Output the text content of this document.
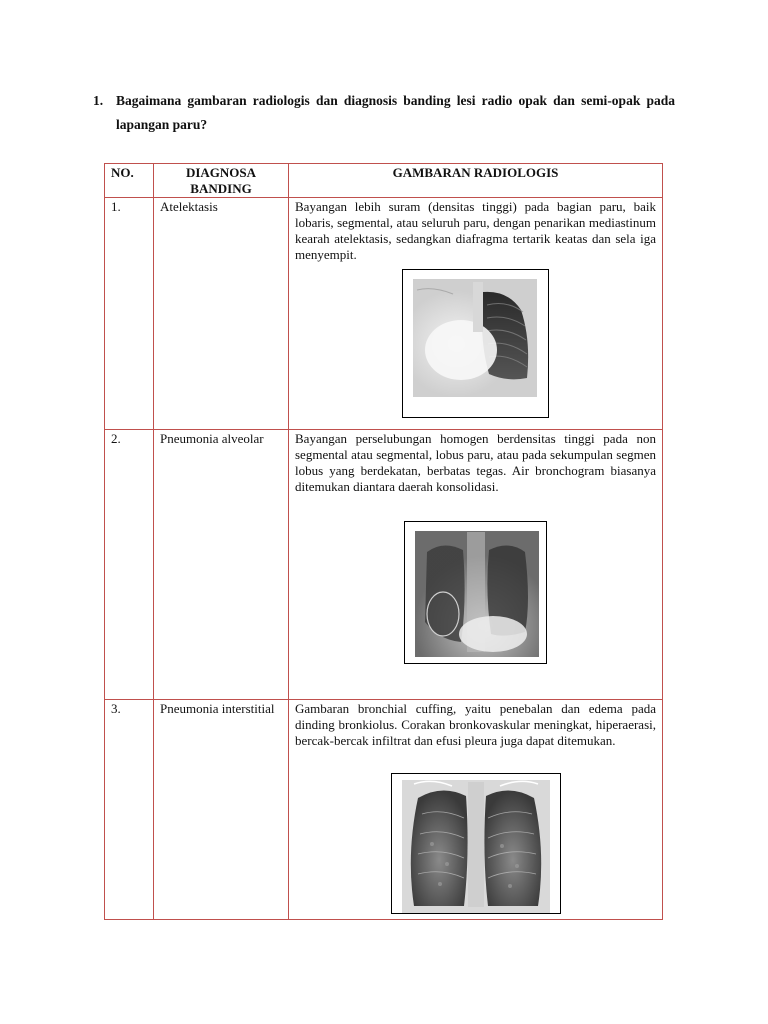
1. Bagaimana gambaran radiologis dan diagnosis banding lesi radio opak dan semi-opak pada lapangan paru?
NO.	DIAGNOSA BANDING	GAMBARAN RADIOLOGIS
1.	Atelektasis	Bayangan lebih suram (densitas tinggi) pada bagian paru, baik lobaris, segmental, atau seluruh paru, dengan penarikan mediastinum kearah atelektasis, sedangkan diafragma tertarik keatas dan sela iga menyempit.

2.	Pneumonia alveolar	Bayangan perselubungan homogen berdensitas tinggi pada non segmental atau segmental, lobus paru, atau pada sekumpulan segmen lobus yang berdekatan, berbatas tegas. Air bronchogram biasanya ditemukan diantara daerah konsolidasi.

3.	Pneumonia interstitial	Gambaran bronchial cuffing, yaitu penebalan dan edema pada dinding bronkiolus. Corakan bronkovaskular meningkat, hiperaerasi, bercak-bercak infiltrat dan efusi pleura juga dapat ditemukan.
